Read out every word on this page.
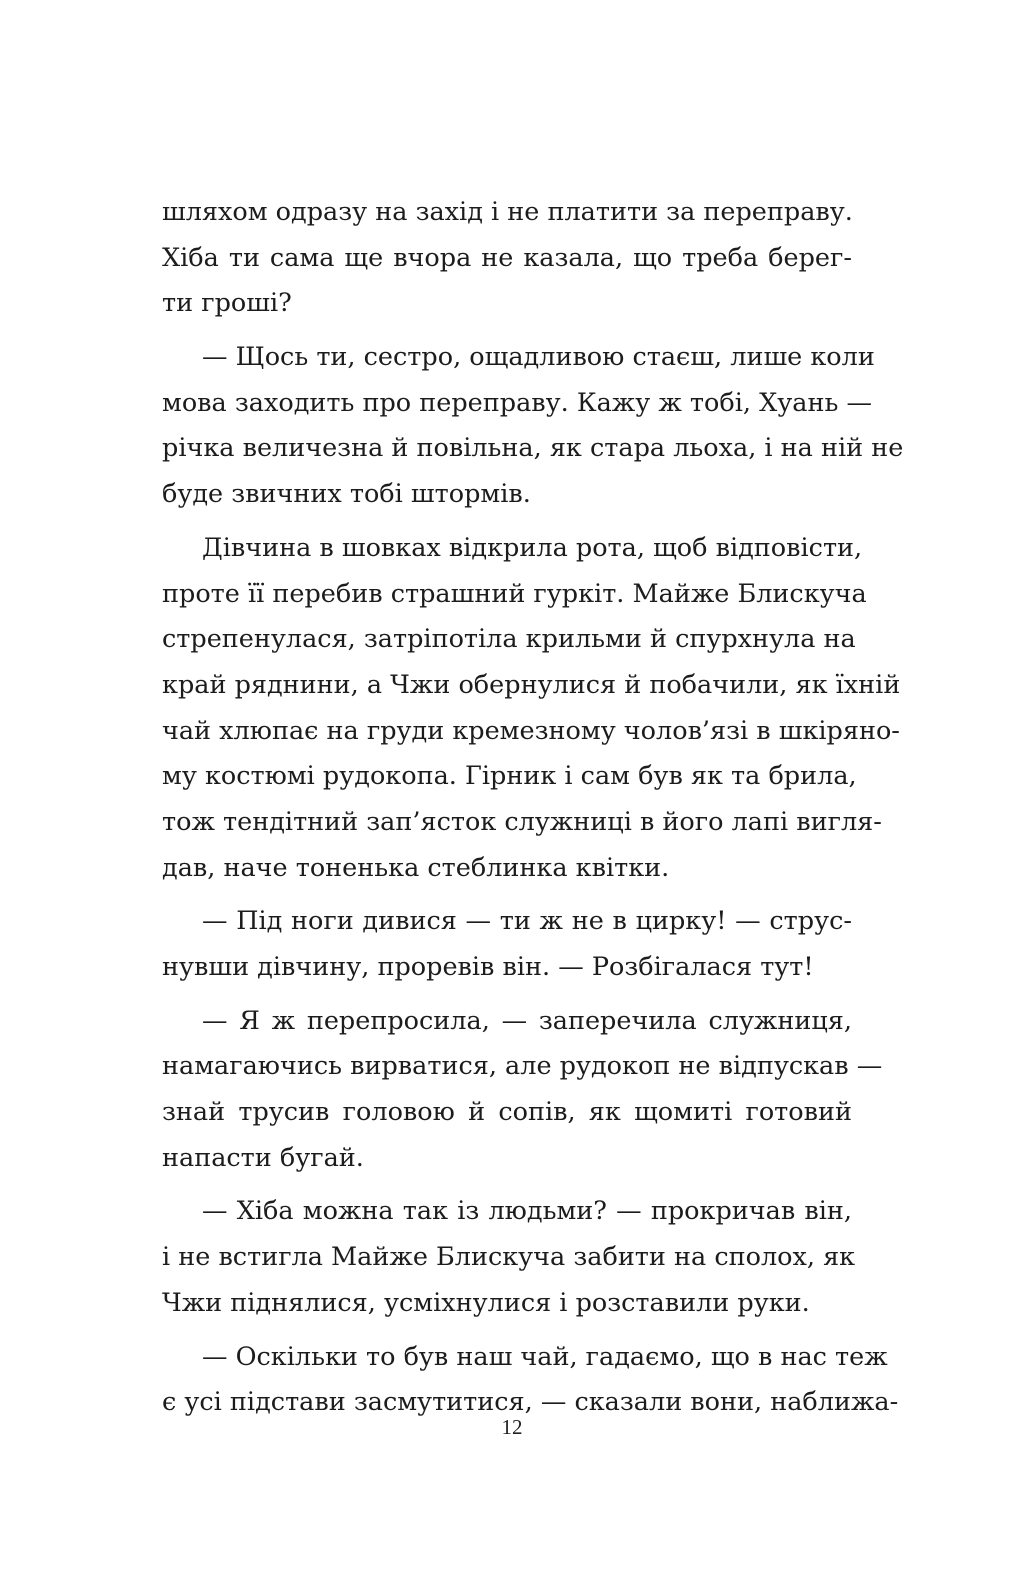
шляхом одразу на захід і не платити за переправу.
Хіба ти сама ще вчора не казала, що треба берег-
ти гроші?
— Щось ти, сестро, ощадливою стаєш, лише коли
мова заходить про переправу. Кажу ж тобі, Хуань —
річка величезна й повільна, як стара льоха, і на ній не
буде звичних тобі штормів.
Дівчина в шовках відкрила рота, щоб відповісти,
проте її перебив страшний гуркіт. Майже Блискуча
стрепенулася, затріпотіла крильми й спурхнула на
край ряднини, а Чжи обернулися й побачили, як їхній
чай хлюпає на груди кремезному чолов’язі в шкіряно-
му костюмі рудокопа. Гірник і сам був як та брила,
тож тендітний зап’ясток служниці в його лапі вигля-
дав, наче тоненька стеблинка квітки.
— Під ноги дивися — ти ж не в цирку! — струс-
нувши дівчину, проревів він. — Розбігалася тут!
— Я ж перепросила, — заперечила служниця,
намагаючись вирватися, але рудокоп не відпускав —
знай трусив головою й сопів, як щомиті готовий
напасти бугай.
— Хіба можна так із людьми? — прокричав він,
і не встигла Майже Блискуча забити на сполох, як
Чжи піднялися, усміхнулися і розставили руки.
— Оскільки то був наш чай, гадаємо, що в нас теж
є усі підстави засмутитися, — сказали вони, наближа-
12
